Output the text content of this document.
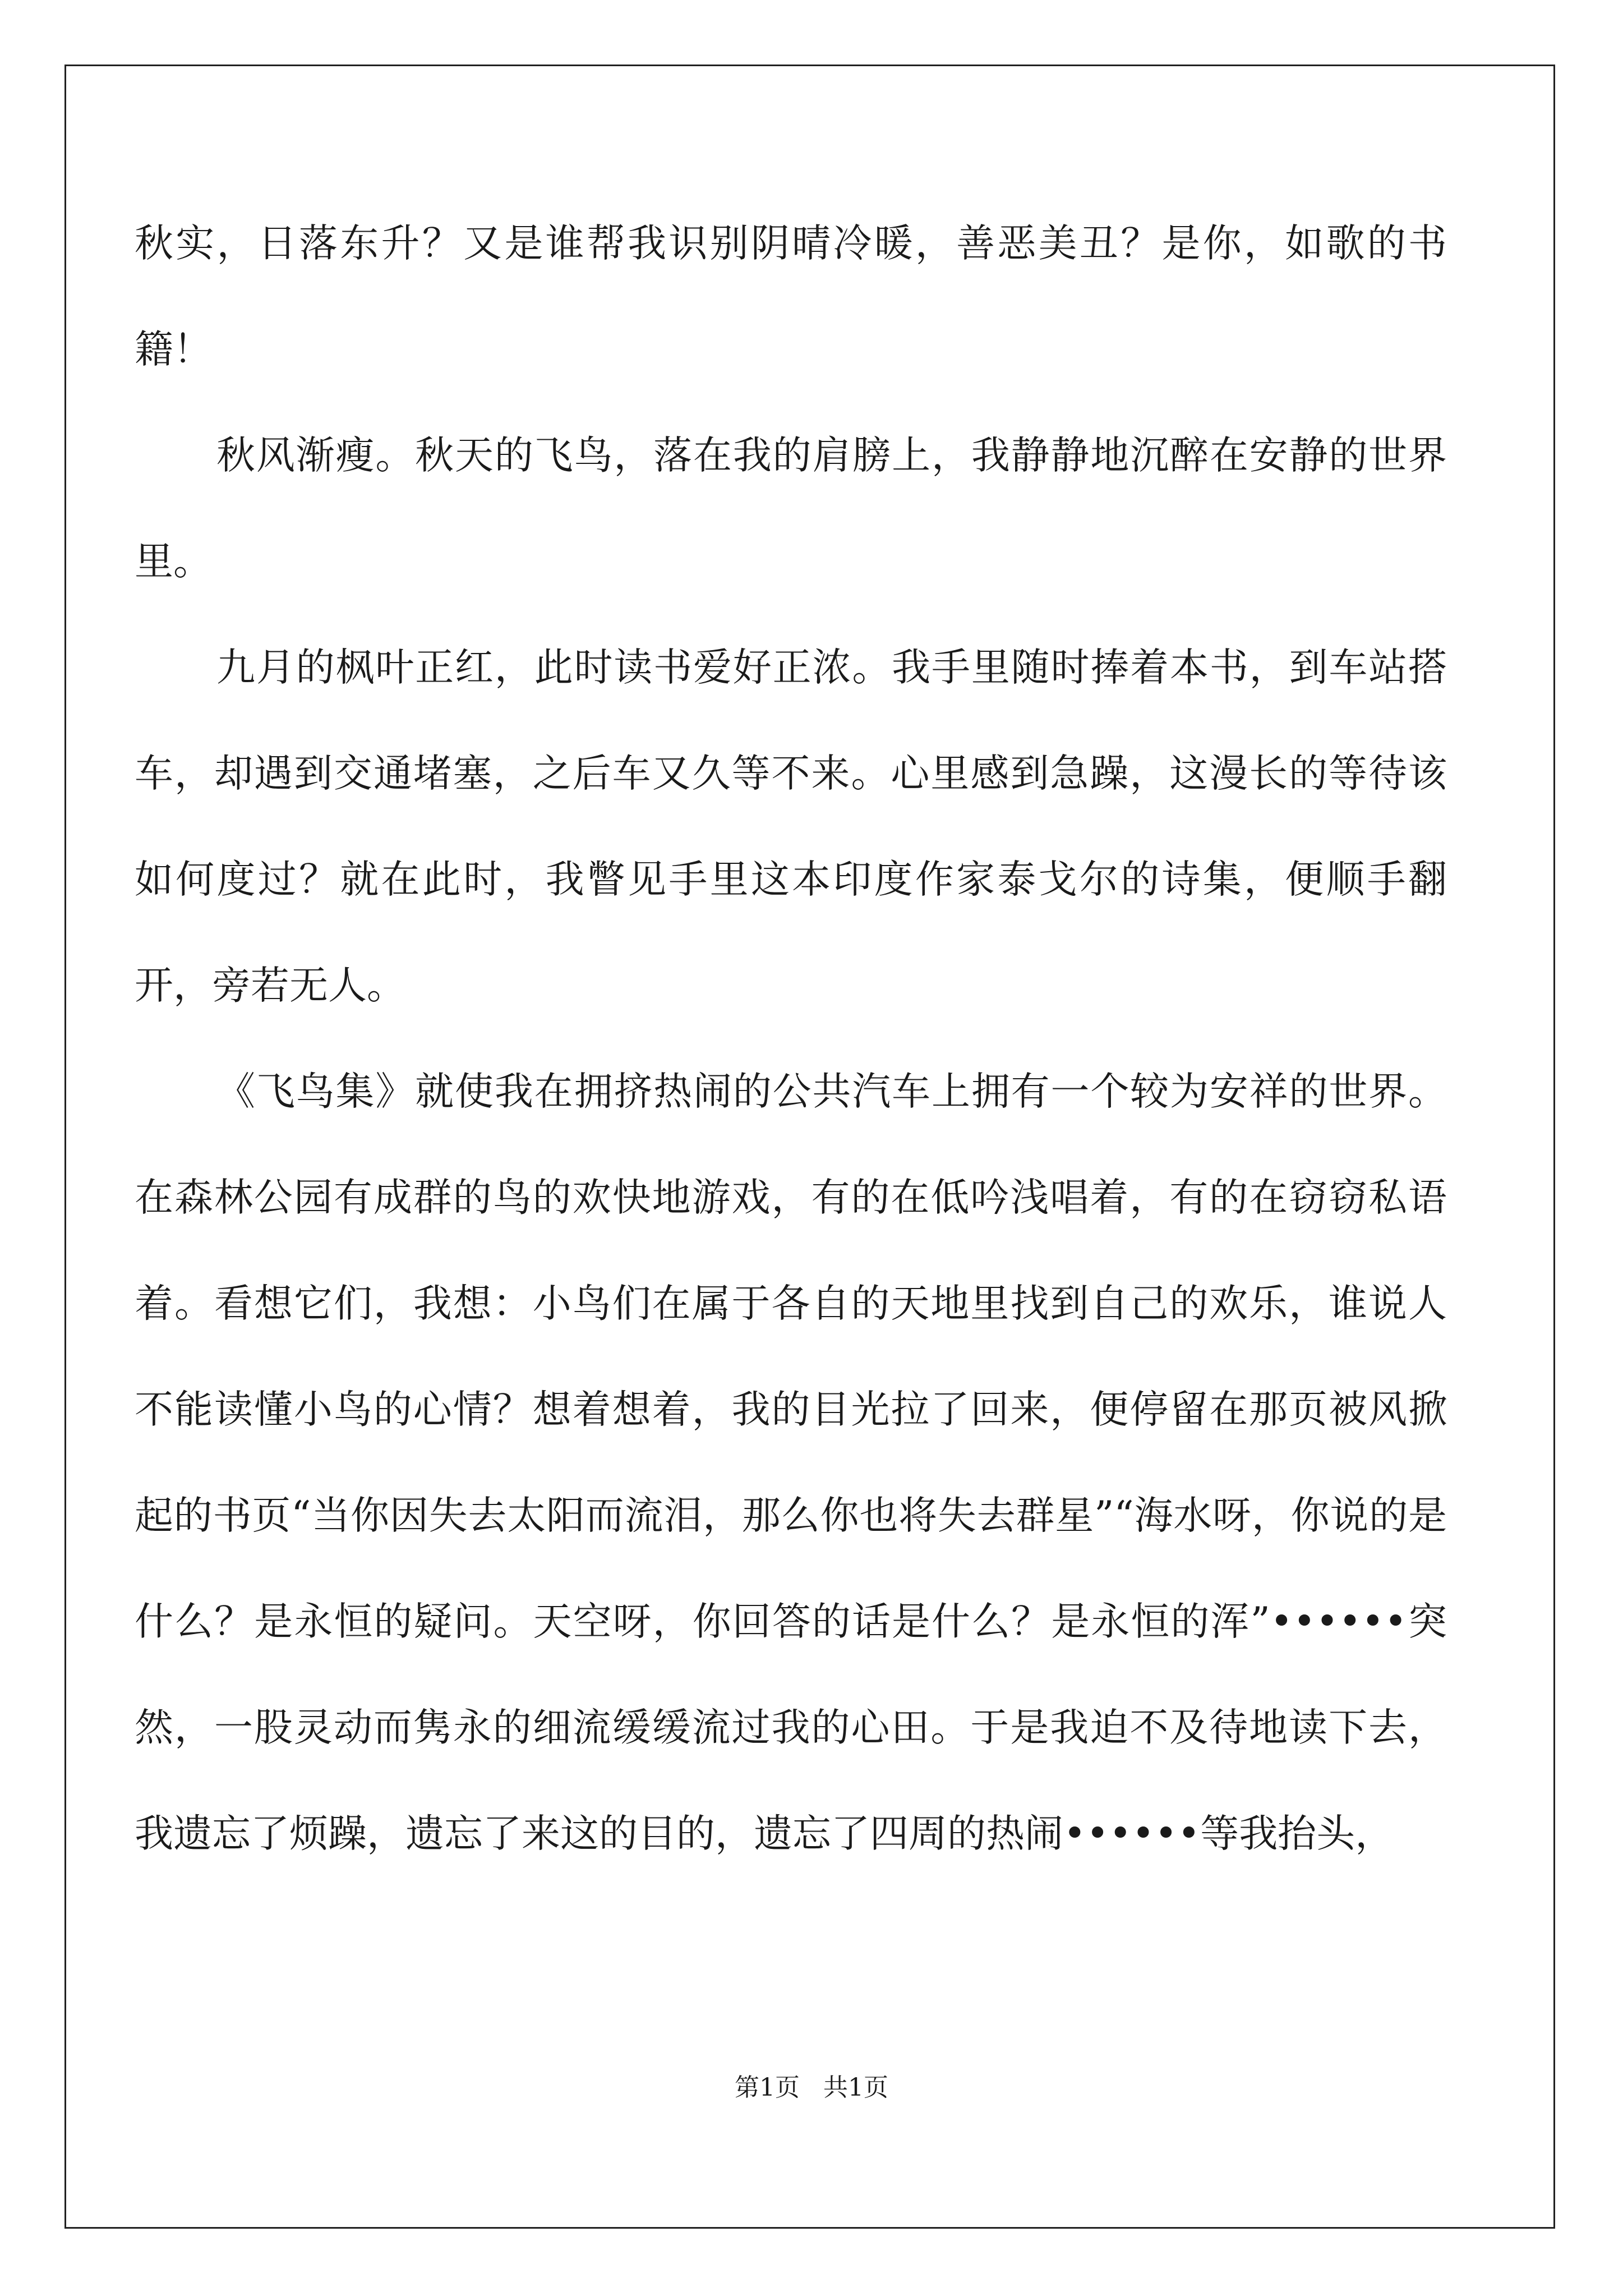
秋实，日落东升？又是谁帮我识别阴晴冷暖，善恶美丑？是你，如歌的书籍！

秋风渐瘦。秋天的飞鸟，落在我的肩膀上，我静静地沉醉在安静的世界里。

九月的枫叶正红，此时读书爱好正浓。我手里随时捧着本书，到车站搭车，却遇到交通堵塞，之后车又久等不来。心里感到急躁，这漫长的等待该如何度过？就在此时，我瞥见手里这本印度作家泰戈尔的诗集，便顺手翻开，旁若无人。

《飞鸟集》就使我在拥挤热闹的公共汽车上拥有一个较为安祥的世界。在森林公园有成群的鸟的欢快地游戏，有的在低吟浅唱着，有的在窃窃私语着。看想它们，我想：小鸟们在属于各自的天地里找到自己的欢乐，谁说人不能读懂小鸟的心情？想着想着，我的目光拉了回来，便停留在那页被风掀起的书页“当你因失去太阳而流泪，那么你也将失去群星”“海水呀，你说的是什么？是永恒的疑问。天空呀，你回答的话是什么？是永恒的浑”••••••突然，一股灵动而隽永的细流缓缓流过我的心田。于是我迫不及待地读下去，我遗忘了烦躁，遗忘了来这的目的，遗忘了四周的热闹••••••等我抬头，

第1页   共1页
